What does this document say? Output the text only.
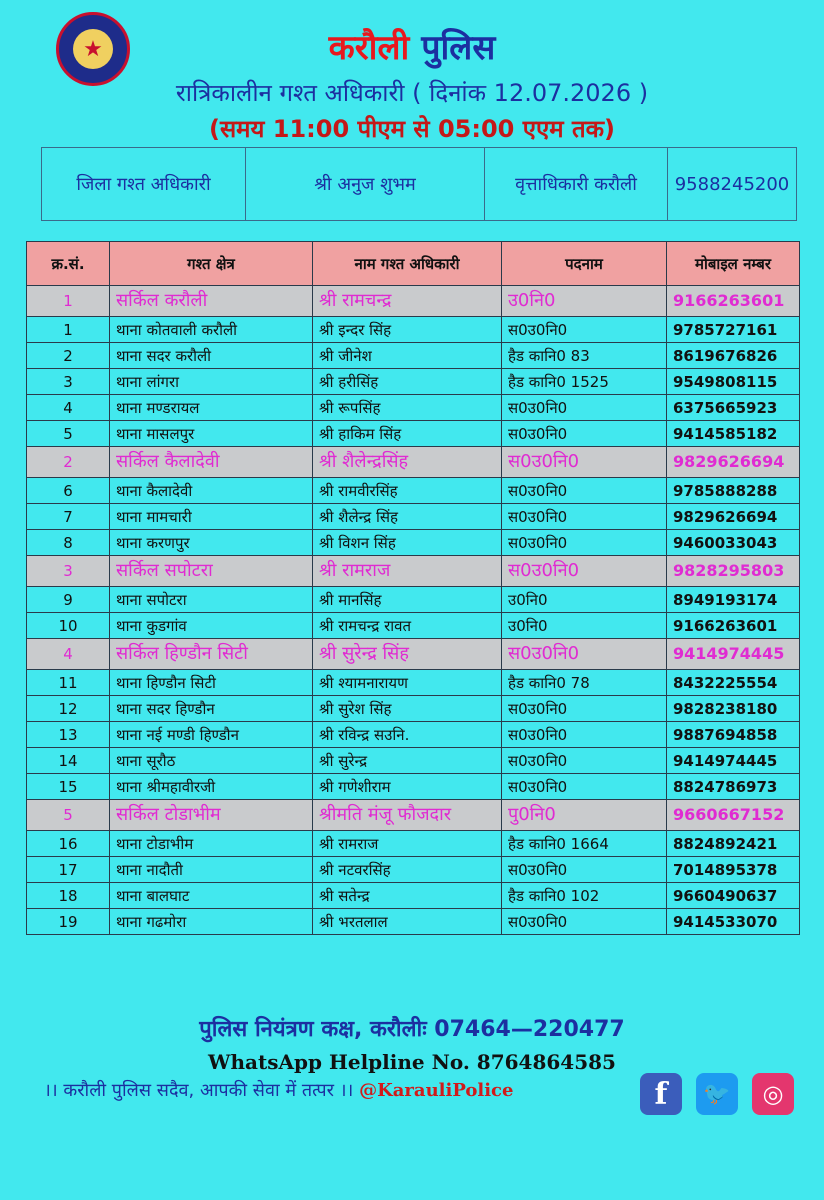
★	करौली पुलिस
रात्रिकालीन गश्त अधिकारी ( दिनांक 12.07.2026 )
(समय 11:00 पीएम से 05:00 एएम तक)
जिला गश्त अधिकारी	श्री अनुज शुभम	वृत्ताधिकारी करौली	9588245200
क्र.सं.	गश्त क्षेत्र	नाम गश्त अधिकारी	पदनाम	मोबाइल नम्बर
1	सर्किल करौली	श्री रामचन्द्र	उ0नि0	9166263601
1	थाना कोतवाली करौली	श्री इन्दर सिंह	स0उ0नि0	9785727161
2	थाना सदर करौली	श्री जीनेश	हैड कानि0 83	8619676826
3	थाना लांगरा	श्री हरीसिंह	हैड कानि0 1525	9549808115
4	थाना मण्डरायल	श्री रूपसिंह	स0उ0नि0	6375665923
5	थाना मासलपुर	श्री हाकिम सिंह	स0उ0नि0	9414585182
2	सर्किल कैलादेवी	श्री शैलेन्द्रसिंह	स0उ0नि0	9829626694
6	थाना कैलादेवी	श्री रामवीरसिंह	स0उ0नि0	9785888288
7	थाना मामचारी	श्री शैलेन्द्र सिंह	स0उ0नि0	9829626694
8	थाना करणपुर	श्री विशन सिंह	स0उ0नि0	9460033043
3	सर्किल सपोटरा	श्री रामराज	स0उ0नि0	9828295803
9	थाना सपोटरा	श्री मानसिंह	उ0नि0	8949193174
10	थाना कुडगांव	श्री रामचन्द्र रावत	उ0नि0	9166263601
4	सर्किल हिण्डौन सिटी	श्री सुरेन्द्र सिंह	स0उ0नि0	9414974445
11	थाना हिण्डौन सिटी	श्री श्यामनारायण	हैड कानि0 78	8432225554
12	थाना सदर हिण्डौन	श्री सुरेश सिंह	स0उ0नि0	9828238180
13	थाना नई मण्डी हिण्डौन	श्री रविन्द्र सउनि.	स0उ0नि0	9887694858
14	थाना सूरौठ	श्री सुरेन्द्र	स0उ0नि0	9414974445
15	थाना श्रीमहावीरजी	श्री गणेशीराम	स0उ0नि0	8824786973
5	सर्किल टोडाभीम	श्रीमति मंजू फौजदार	पु0नि0	9660667152
16	थाना टोडाभीम	श्री रामराज	हैड कानि0 1664	8824892421
17	थाना नादौती	श्री नटवरसिंह	स0उ0नि0	7014895378
18	थाना बालघाट	श्री सतेन्द्र	हैड कानि0 102	9660490637
19	थाना गढमोरा	श्री भरतलाल	स0उ0नि0	9414533070
पुलिस नियंत्रण कक्ष, करौलीः 07464—220477
WhatsApp Helpline No. 8764864585
।। करौली पुलिस सदैव, आपकी सेवा में तत्पर ।। @KarauliPolice	f	🐦	◎
